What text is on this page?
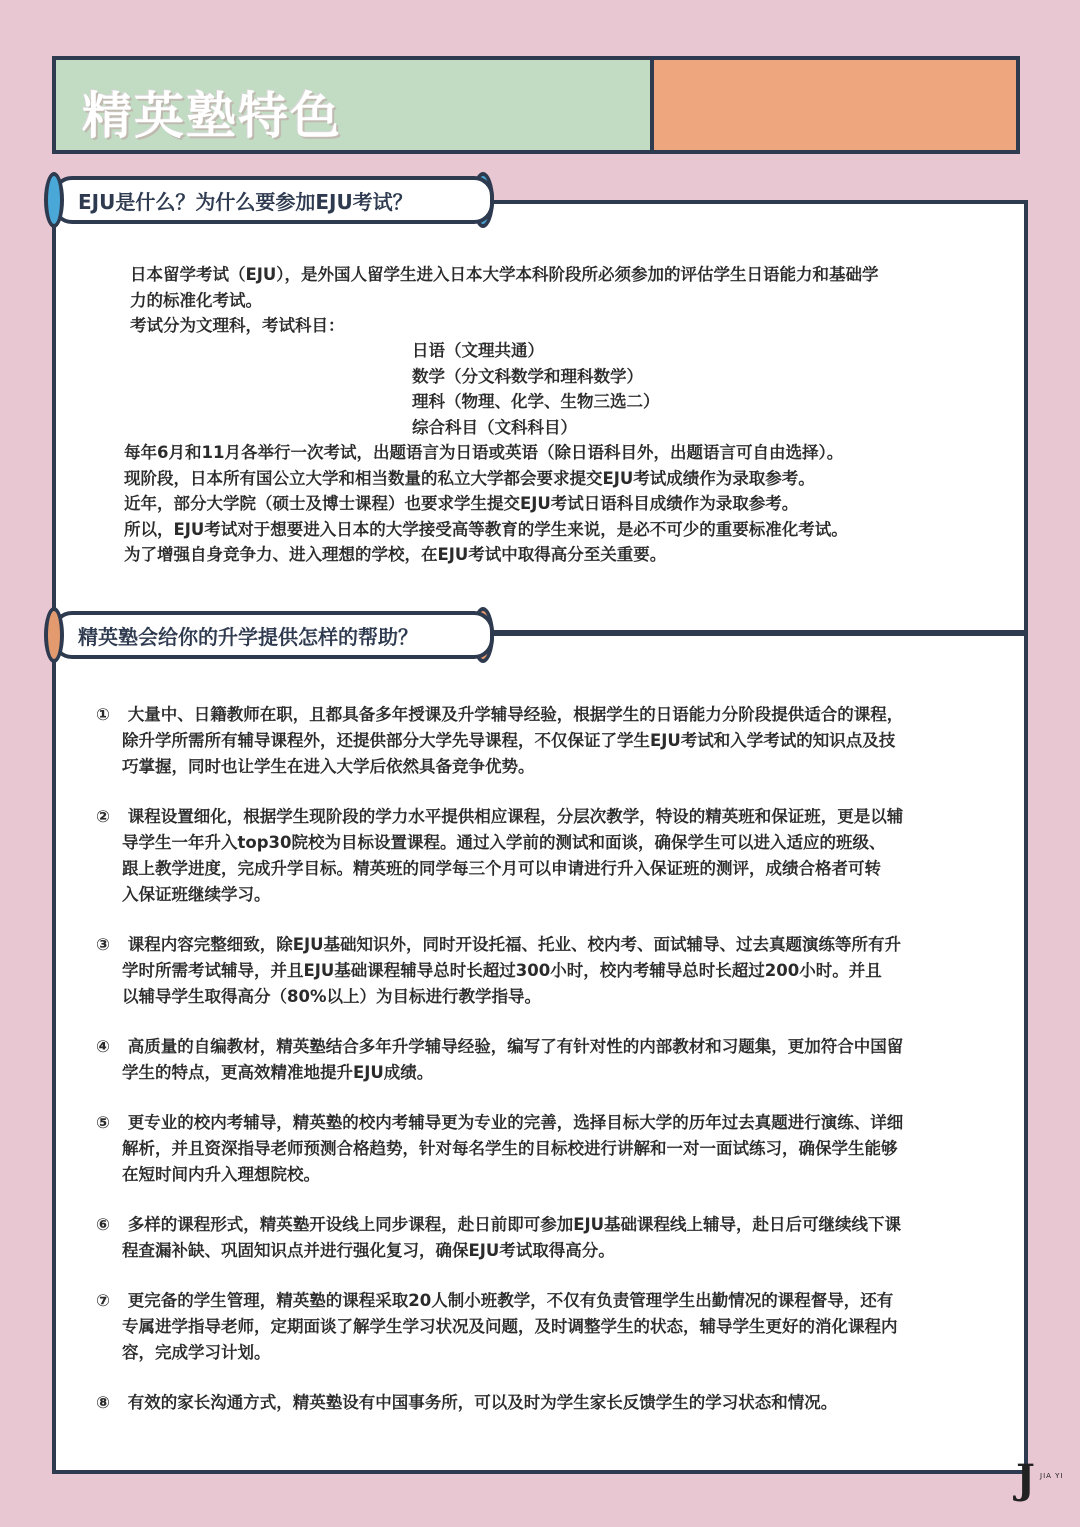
精英塾特色
EJU是什么？为什么要参加EJU考试？
精英塾会给你的升学提供怎样的帮助？
日本留学考试（EJU），是外国人留学生进入日本大学本科阶段所必须参加的评估学生日语能力和基础学
力的标准化考试。
考试分为文理科，考试科目：
日语（文理共通）
数学（分文科数学和理科数学）
理科（物理、化学、生物三选二）
综合科目（文科科目）
每年6月和11月各举行一次考试，出题语言为日语或英语（除日语科目外，出题语言可自由选择）。
现阶段，日本所有国公立大学和相当数量的私立大学都会要求提交EJU考试成绩作为录取参考。
近年，部分大学院（硕士及博士课程）也要求学生提交EJU考试日语科目成绩作为录取参考。
所以，EJU考试对于想要进入日本的大学接受高等教育的学生来说，是必不可少的重要标准化考试。
为了增强自身竞争力、进入理想的学校，在EJU考试中取得高分至关重要。
① 大量中、日籍教师在职，且都具备多年授课及升学辅导经验，根据学生的日语能力分阶段提供适合的课程，
除升学所需所有辅导课程外，还提供部分大学先导课程，不仅保证了学生EJU考试和入学考试的知识点及技
巧掌握，同时也让学生在进入大学后依然具备竞争优势。
② 课程设置细化，根据学生现阶段的学力水平提供相应课程，分层次教学，特设的精英班和保证班，更是以辅
导学生一年升入top30院校为目标设置课程。通过入学前的测试和面谈，确保学生可以进入适应的班级、
跟上教学进度，完成升学目标。精英班的同学每三个月可以申请进行升入保证班的测评，成绩合格者可转
入保证班继续学习。
③ 课程内容完整细致，除EJU基础知识外，同时开设托福、托业、校内考、面试辅导、过去真题演练等所有升
学时所需考试辅导，并且EJU基础课程辅导总时长超过300小时，校内考辅导总时长超过200小时。并且
以辅导学生取得高分（80%以上）为目标进行教学指导。
④ 高质量的自编教材，精英塾结合多年升学辅导经验，编写了有针对性的内部教材和习题集，更加符合中国留
学生的特点，更高效精准地提升EJU成绩。
⑤ 更专业的校内考辅导，精英塾的校内考辅导更为专业的完善，选择目标大学的历年过去真题进行演练、详细
解析，并且资深指导老师预测合格趋势，针对每名学生的目标校进行讲解和一对一面试练习，确保学生能够
在短时间内升入理想院校。
⑥ 多样的课程形式，精英塾开设线上同步课程，赴日前即可参加EJU基础课程线上辅导，赴日后可继续线下课
程查漏补缺、巩固知识点并进行强化复习，确保EJU考试取得高分。
⑦ 更完备的学生管理，精英塾的课程采取20人制小班教学，不仅有负责管理学生出勤情况的课程督导，还有
专属进学指导老师，定期面谈了解学生学习状况及问题，及时调整学生的状态，辅导学生更好的消化课程内
容，完成学习计划。
⑧ 有效的家长沟通方式，精英塾设有中国事务所，可以及时为学生家长反馈学生的学习状态和情况。
J JIA YI
